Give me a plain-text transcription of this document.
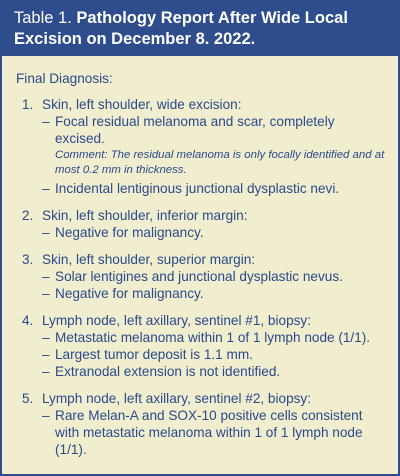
Table 1. Pathology Report After Wide Local Excision on December 8. 2022.
Final Diagnosis:
1. Skin, left shoulder, wide excision:
– Focal residual melanoma and scar, completely excised.
Comment: The residual melanoma is only focally identified and at most 0.2 mm in thickness.
– Incidental lentiginous junctional dysplastic nevi.
2. Skin, left shoulder, inferior margin:
– Negative for malignancy.
3. Skin, left shoulder, superior margin:
– Solar lentigines and junctional dysplastic nevus.
– Negative for malignancy.
4. Lymph node, left axillary, sentinel #1, biopsy:
– Metastatic melanoma within 1 of 1 lymph node (1/1).
– Largest tumor deposit is 1.1 mm.
– Extranodal extension is not identified.
5. Lymph node, left axillary, sentinel #2, biopsy:
– Rare Melan-A and SOX-10 positive cells consistent with metastatic melanoma within 1 of 1 lymph node (1/1).
